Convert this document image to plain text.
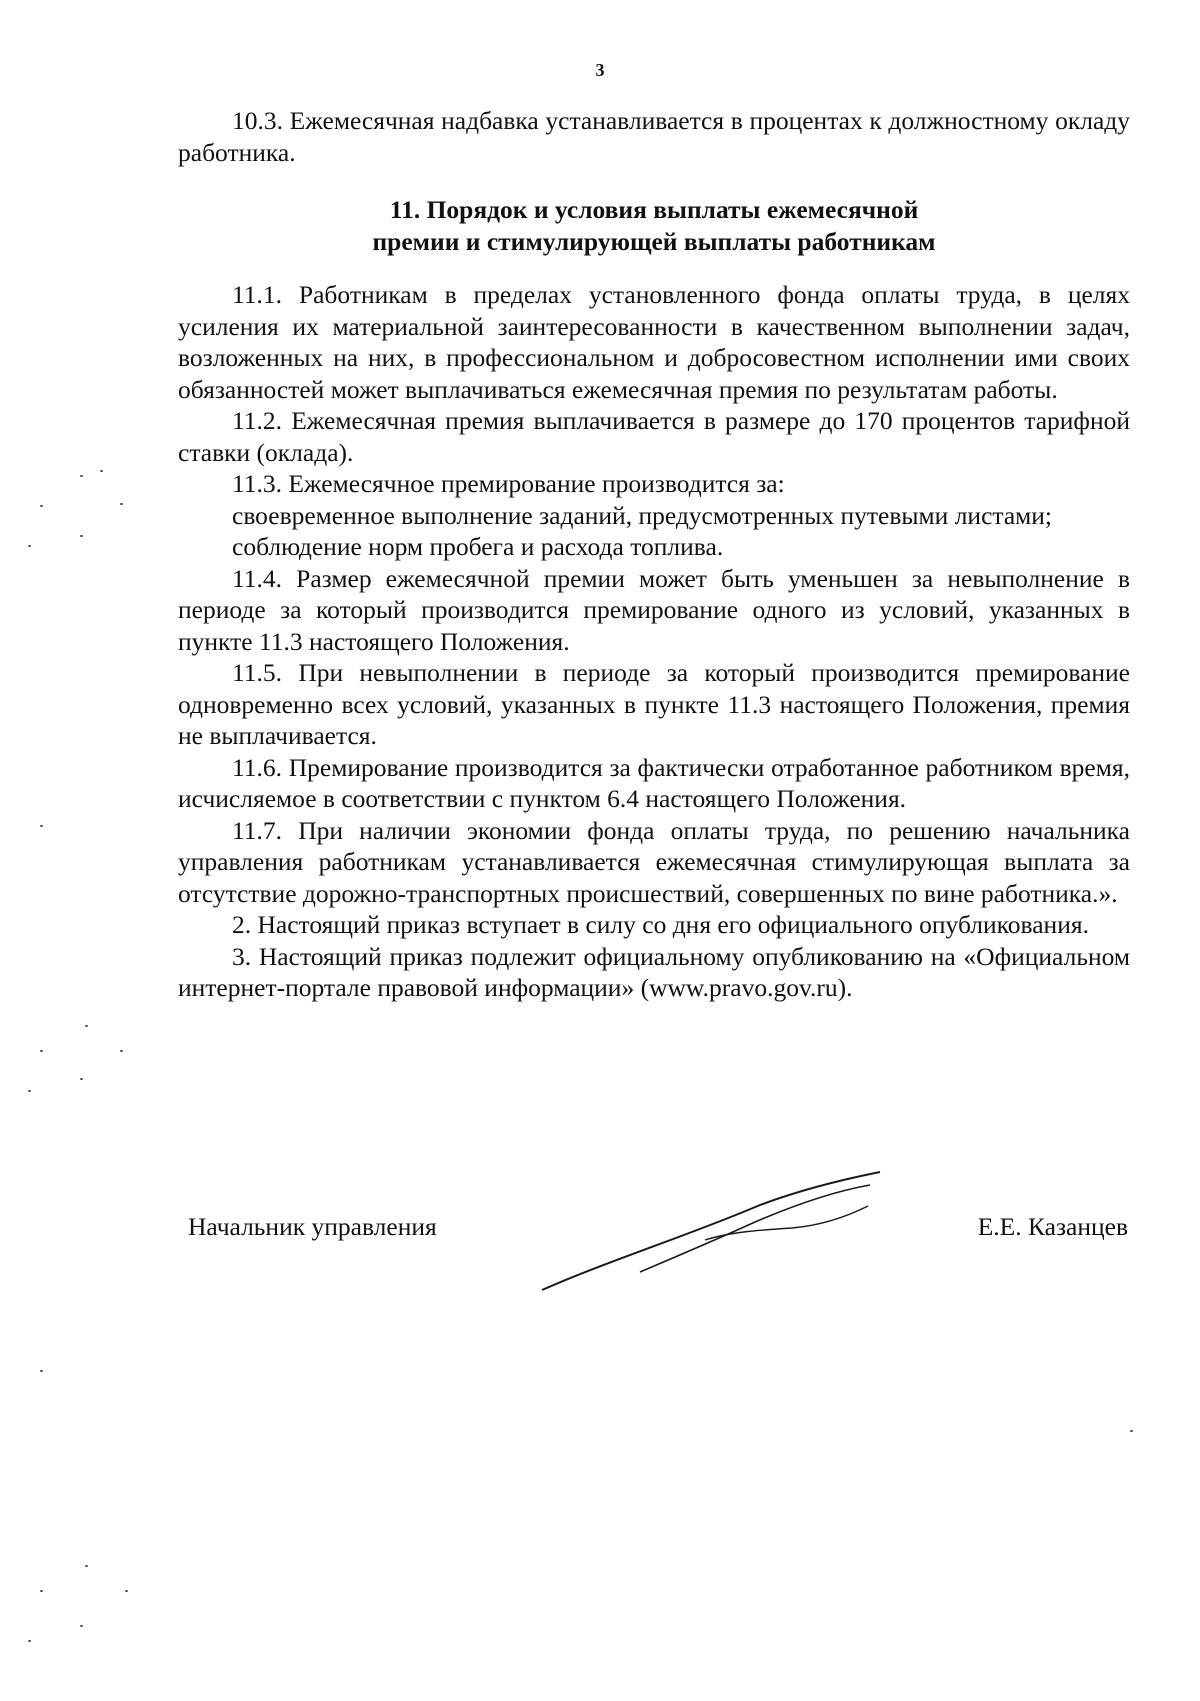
3

10.3. Ежемесячная надбавка устанавливается в процентах к должностному окладу работника.

11. Порядок и условия выплаты ежемесячной
премии и стимулирующей выплаты работникам

11.1. Работникам в пределах установленного фонда оплаты труда, в целях усиления их материальной заинтересованности в качественном выполнении задач, возложенных на них, в профессиональном и добросовестном исполнении ими своих обязанностей может выплачиваться ежемесячная премия по результатам работы.

11.2. Ежемесячная премия выплачивается в размере до 170 процентов тарифной ставки (оклада).

11.3. Ежемесячное премирование производится за:

своевременное выполнение заданий, предусмотренных путевыми листами;

соблюдение норм пробега и расхода топлива.

11.4. Размер ежемесячной премии может быть уменьшен за невыполнение в периоде за который производится премирование одного из условий, указанных в пункте 11.3 настоящего Положения.

11.5. При невыполнении в периоде за который производится премирование одновременно всех условий, указанных в пункте 11.3 настоящего Положения, премия не выплачивается.

11.6. Премирование производится за фактически отработанное работником время, исчисляемое в соответствии с пунктом 6.4 настоящего Положения.

11.7. При наличии экономии фонда оплаты труда, по решению начальника управления работникам устанавливается ежемесячная стимулирующая выплата за отсутствие дорожно-транспортных происшествий, совершенных по вине работника.».

2. Настоящий приказ вступает в силу со дня его официального опубликования.

3. Настоящий приказ подлежит официальному опубликованию на «Официальном интернет-портале правовой информации» (www.pravo.gov.ru).

Начальник управления	Е.Е. Казанцев
